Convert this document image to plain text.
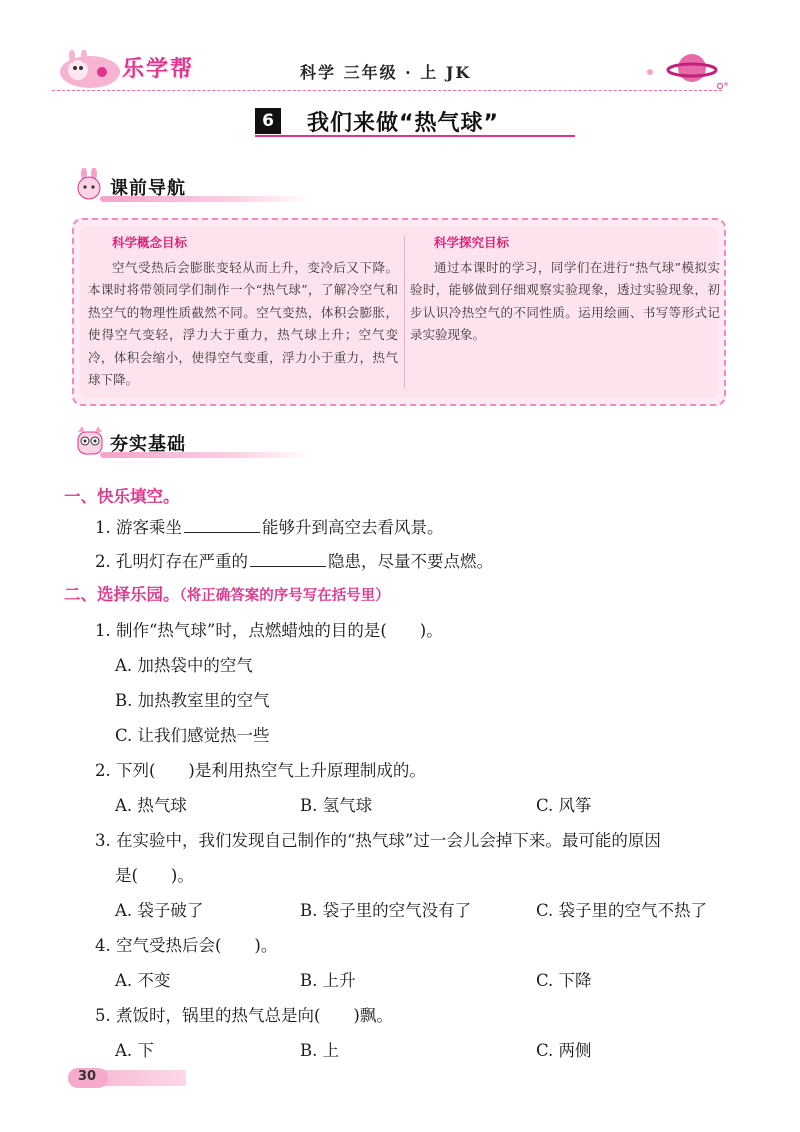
乐学帮	科学 三年级 · 上 JK
6	我们来做“热气球”
课前导航
科学概念目标
空气受热后会膨胀变轻从而上升，变冷后又下降。本课时将带领同学们制作一个“热气球”，了解冷空气和热空气的物理性质截然不同。空气变热，体积会膨胀，使得空气变轻，浮力大于重力，热气球上升；空气变冷，体积会缩小，使得空气变重，浮力小于重力，热气球下降。
科学探究目标
通过本课时的学习，同学们在进行“热气球”模拟实验时，能够做到仔细观察实验现象，透过实验现象，初步认识冷热空气的不同性质。运用绘画、书写等形式记录实验现象。
夯实基础
一、快乐填空。
1. 游客乘坐	能够升到高空去看风景。
2. 孔明灯存在严重的	隐患，尽量不要点燃。
二、选择乐园。（将正确答案的序号写在括号里）
1. 制作“热气球”时，点燃蜡烛的目的是(　　)。
A. 加热袋中的空气
B. 加热教室里的空气
C. 让我们感觉热一些
2. 下列(　　)是利用热空气上升原理制成的。
A. 热气球	B. 氢气球	C. 风筝
3. 在实验中，我们发现自己制作的“热气球”过一会儿会掉下来。最可能的原因
是(　　)。
A. 袋子破了	B. 袋子里的空气没有了	C. 袋子里的空气不热了
4. 空气受热后会(　　)。
A. 不变	B. 上升	C. 下降
5. 煮饭时，锅里的热气总是向(　　)飘。
A. 下	B. 上	C. 两侧
30
